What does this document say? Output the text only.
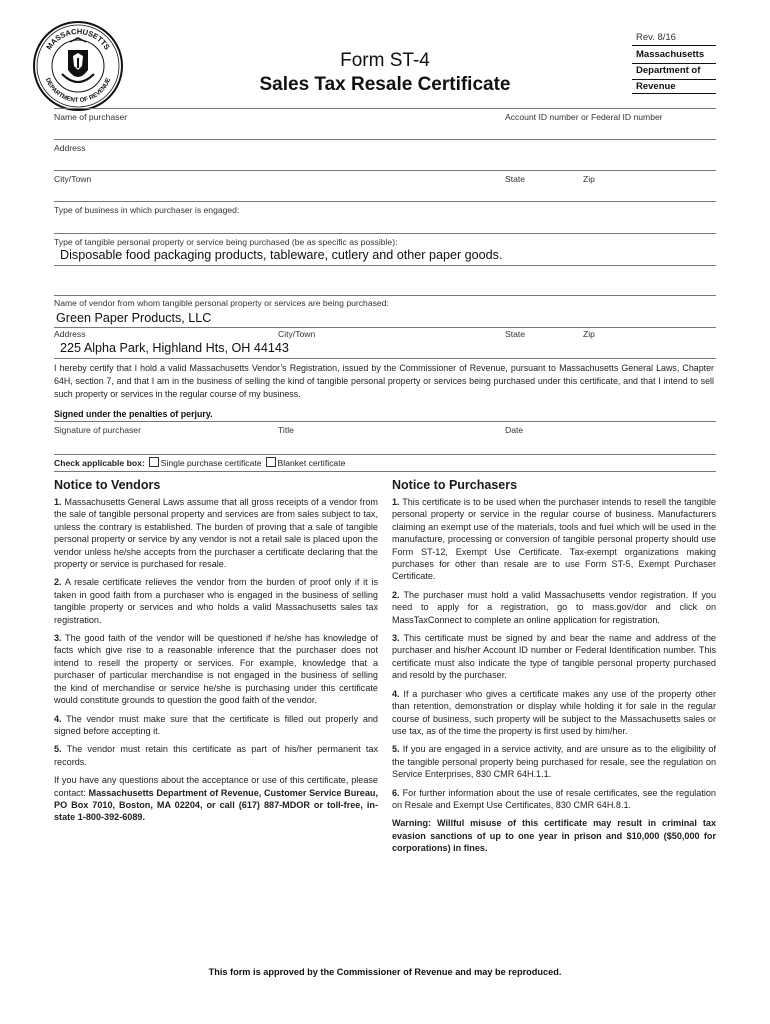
MASSACHUSETTS
DEPARTMENT OF REVENUE
Form ST-4
Sales Tax Resale Certificate
Rev. 8/16
Massachusetts
Department of
Revenue
Name of purchaser	Account ID number or Federal ID number
Address
City/Town	State	Zip
Type of business in which purchaser is engaged:
Type of tangible personal property or service being purchased (be as specific as possible):
Disposable food packaging products, tableware, cutlery and other paper goods.
Name of vendor from whom tangible personal property or services are being purchased:
Green Paper Products, LLC
Address	City/Town	State	Zip
225 Alpha Park, Highland Hts, OH 44143
I hereby certify that I hold a valid Massachusetts Vendor’s Registration, issued by the Commissioner of Revenue, pursuant to Massachusetts General Laws, Chapter 64H, section 7, and that I am in the business of selling the kind of tangible personal property or services being purchased under this certificate, and that I intend to sell such property or services in the regular course of my business.
Signed under the penalties of perjury.
Signature of purchaser	Title	Date
Check applicable box: Single purchase certificate Blanket certificate
Notice to Vendors

1. Massachusetts General Laws assume that all gross receipts of a vendor from the sale of tangible personal property and services are from sales subject to tax, unless the contrary is established. The burden of proving that a sale of tangible personal property or service by any vendor is not a retail sale is placed upon the vendor unless he/she accepts from the purchaser a certificate declaring that the property or service is purchased for resale.

2. A resale certificate relieves the vendor from the burden of proof only if it is taken in good faith from a purchaser who is engaged in the business of selling tangible property or services and who holds a valid Massachusetts sales tax registration.

3. The good faith of the vendor will be questioned if he/she has knowledge of facts which give rise to a reasonable inference that the purchaser does not intend to resell the property or services. For example, knowledge that a purchaser of particular merchandise is not engaged in the business of selling the kind of merchandise or service he/she is purchasing under this certificate would constitute grounds to question the good faith of the vendor.

4. The vendor must make sure that the certificate is filled out properly and signed before accepting it.

5. The vendor must retain this certificate as part of his/her permanent tax records.

If you have any questions about the acceptance or use of this certificate, please contact: Massachusetts Department of Revenue, Customer Service Bureau, PO Box 7010, Boston, MA 02204, or call (617) 887-MDOR or toll-free, in-state 1-800-392-6089.

Notice to Purchasers

1. This certificate is to be used when the purchaser intends to resell the tangible personal property or service in the regular course of business. Manufacturers claiming an exempt use of the materials, tools and fuel which will be used in the manufacture, processing or conversion of tangible personal property should use Form ST-12, Exempt Use Certificate. Tax-exempt organizations making purchases for other than resale are to use Form ST-5, Exempt Purchaser Certificate.

2. The purchaser must hold a valid Massachusetts vendor registration. If you need to apply for a registration, go to mass.gov/dor and click on MassTaxConnect to complete an online application for registration.

3. This certificate must be signed by and bear the name and address of the purchaser and his/her Account ID number or Federal Identification number. This certificate must also indicate the type of tangible personal property purchased and resold by the purchaser.

4. If a purchaser who gives a certificate makes any use of the property other than retention, demonstration or display while holding it for sale in the regular course of business, such property will be subject to the Massachusetts sales or use tax, as of the time the property is first used by him/her.

5. If you are engaged in a service activity, and are unsure as to the eligibility of the tangible personal property being purchased for resale, see the regulation on Service Enterprises, 830 CMR 64H.1.1.

6. For further information about the use of resale certificates, see the regulation on Resale and Exempt Use Certificates, 830 CMR 64H.8.1.

Warning: Willful misuse of this certificate may result in criminal tax evasion sanctions of up to one year in prison and $10,000 ($50,000 for corporations) in fines.

This form is approved by the Commissioner of Revenue and may be reproduced.
